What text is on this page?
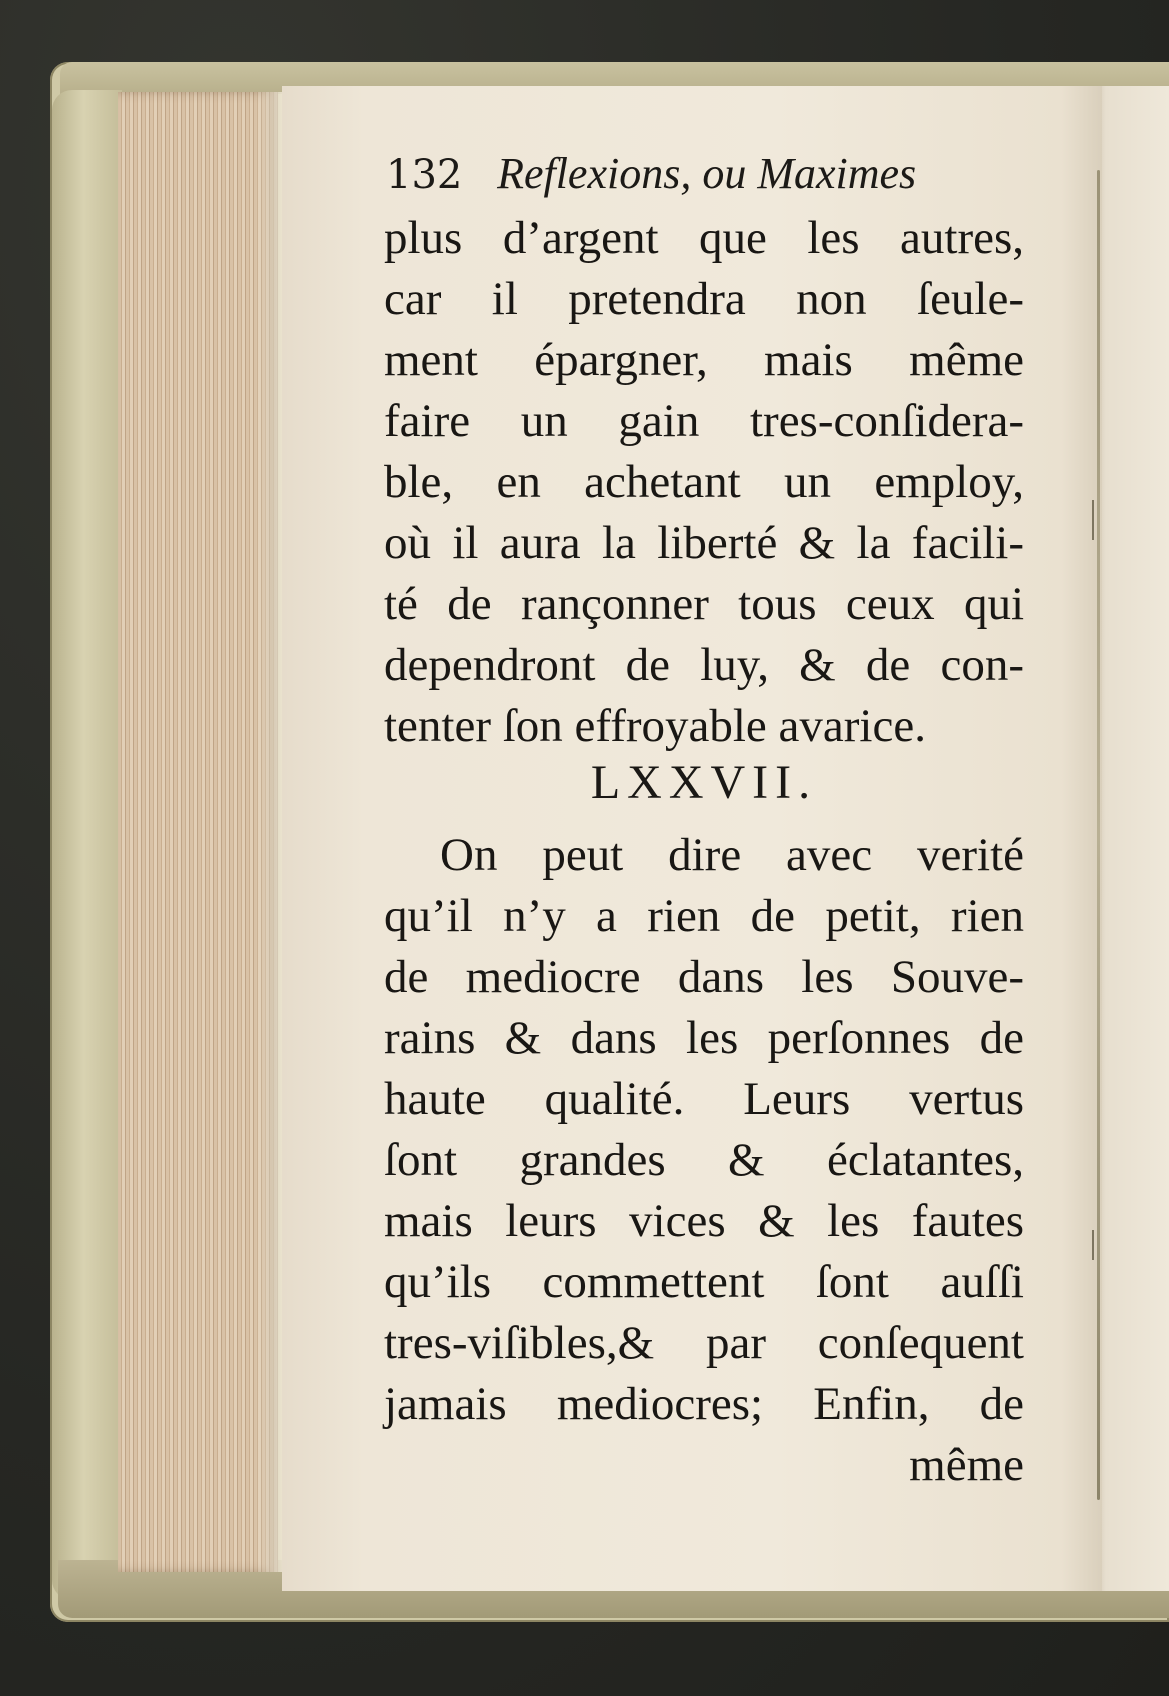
132 Reflexions, ou Maximes
plus d’argent que les autres,
car il pretendra non ſeule-
ment épargner, mais même
faire un gain tres-conſidera-
ble, en achetant un employ,
où il aura la liberté & la facili-
té de rançonner tous ceux qui
dependront de luy, & de con-
tenter ſon effroyable avarice.
LXXVII.
On peut dire avec verité
qu’il n’y a rien de petit, rien
de mediocre dans les Souve-
rains & dans les perſonnes de
haute qualité. Leurs vertus
ſont grandes & éclatantes,
mais leurs vices & les fautes
qu’ils commettent ſont auſſi
tres-viſibles,& par conſequent
jamais mediocres; Enfin, de
même
